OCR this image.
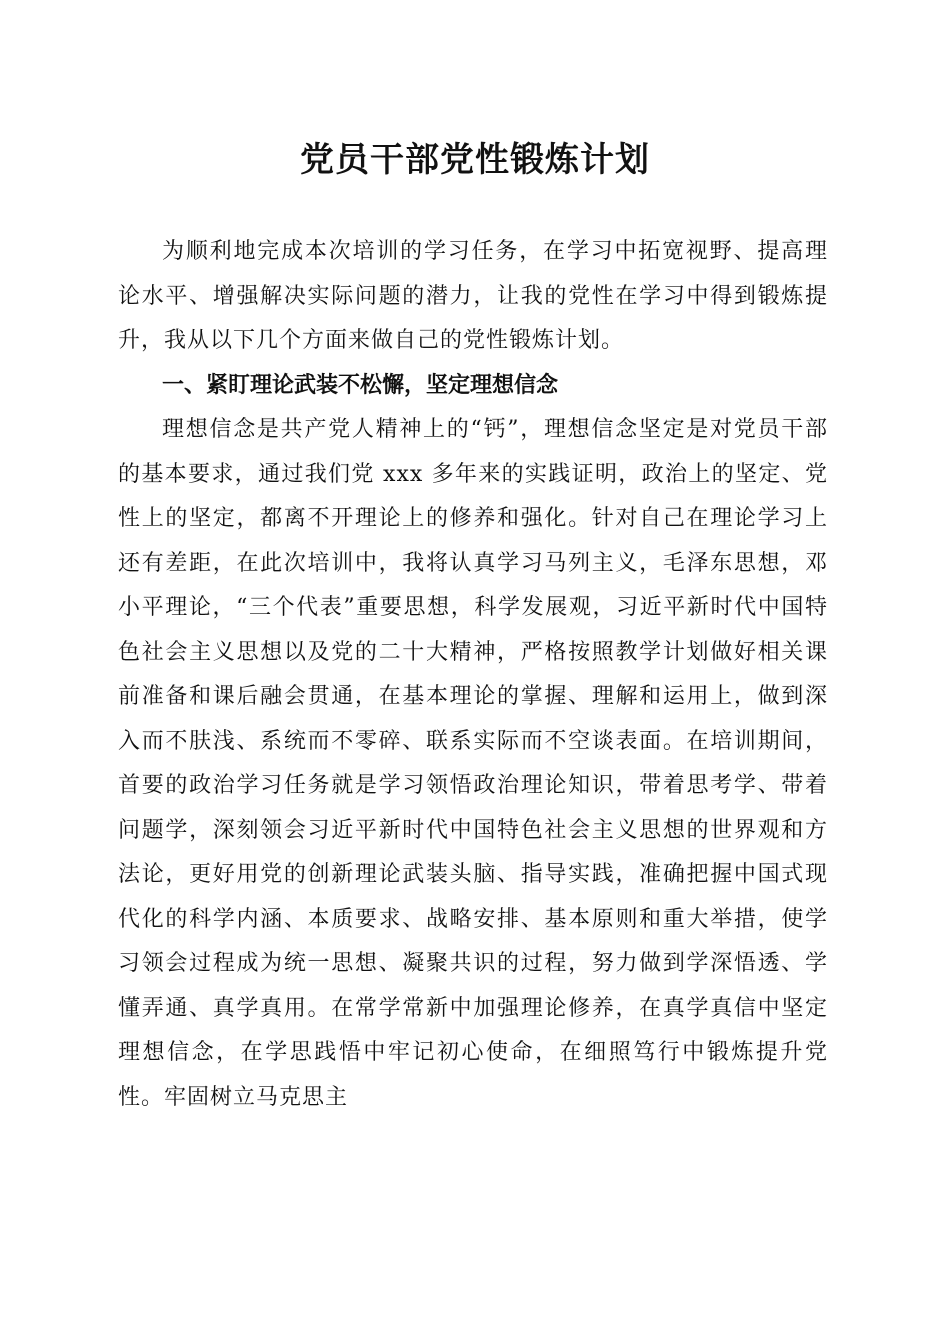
党员干部党性锻炼计划

为顺利地完成本次培训的学习任务，在学习中拓宽视野、提高理论水平、增强解决实际问题的潜力，让我的党性在学习中得到锻炼提升，我从以下几个方面来做自己的党性锻炼计划。

一、紧盯理论武装不松懈，坚定理想信念

理想信念是共产党人精神上的“钙”，理想信念坚定是对党员干部的基本要求，通过我们党 xxx 多年来的实践证明，政治上的坚定、党性上的坚定，都离不开理论上的修养和强化。针对自己在理论学习上还有差距，在此次培训中，我将认真学习马列主义，毛泽东思想，邓小平理论，“三个代表”重要思想，科学发展观，习近平新时代中国特色社会主义思想以及党的二十大精神，严格按照教学计划做好相关课前准备和课后融会贯通，在基本理论的掌握、理解和运用上，做到深入而不肤浅、系统而不零碎、联系实际而不空谈表面。在培训期间，首要的政治学习任务就是学习领悟政治理论知识，带着思考学、带着问题学，深刻领会习近平新时代中国特色社会主义思想的世界观和方法论，更好用党的创新理论武装头脑、指导实践，准确把握中国式现代化的科学内涵、本质要求、战略安排、基本原则和重大举措，使学习领会过程成为统一思想、凝聚共识的过程，努力做到学深悟透、学懂弄通、真学真用。在常学常新中加强理论修养，在真学真信中坚定理想信念，在学思践悟中牢记初心使命，在细照笃行中锻炼提升党性。牢固树立马克思主
